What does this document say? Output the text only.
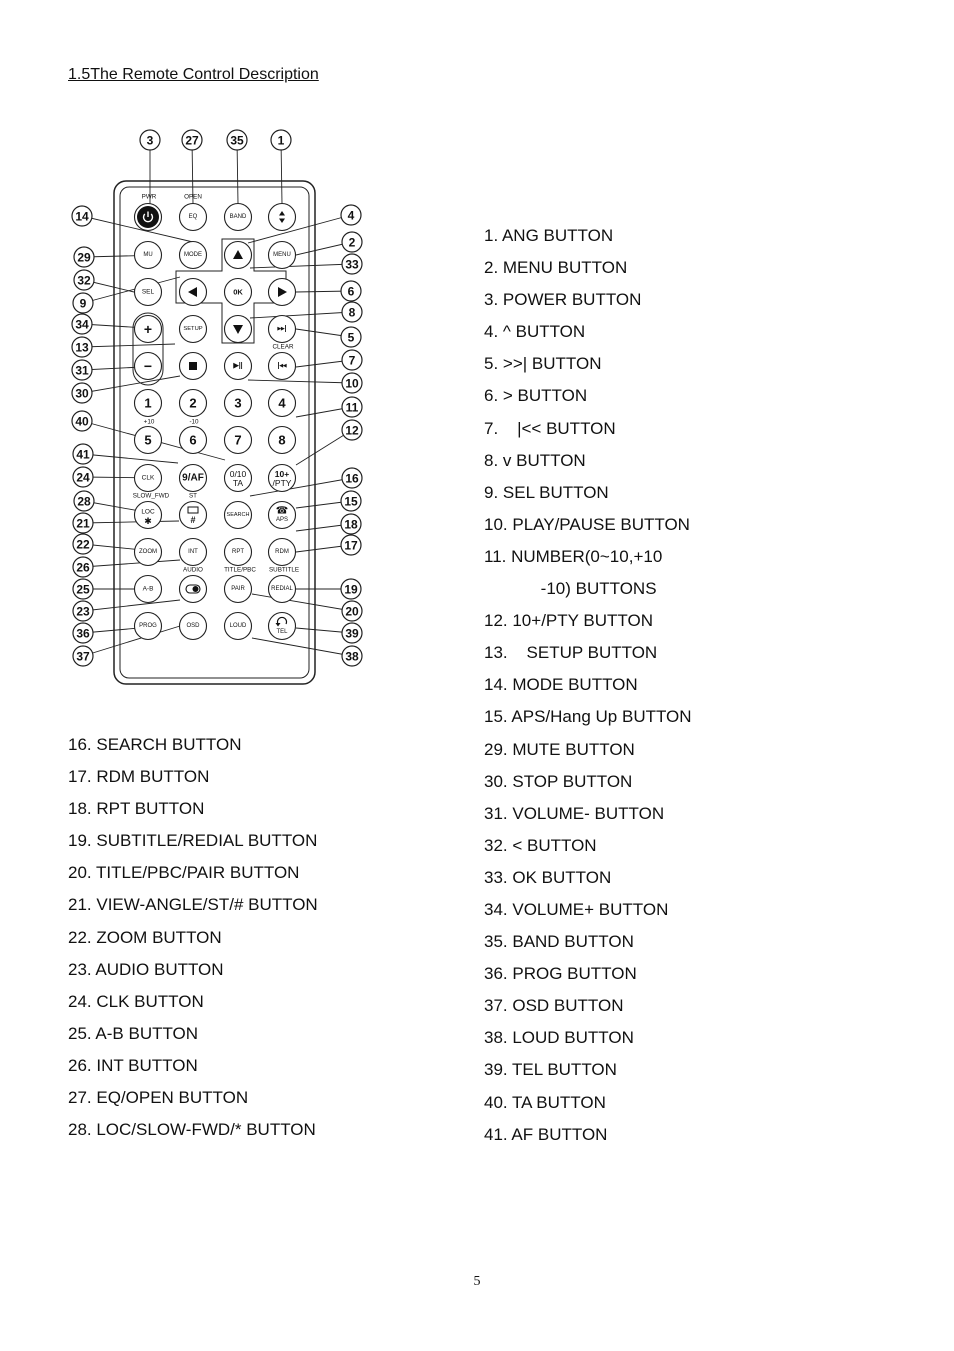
1.5The Remote Control Description
EQ	BAND
MU	MODE	MENU
SEL	0K
+	SETUP	▸▸|
−	▶||	|◂◂
1	2	3	4
5	6	7	8
CLK	9/AF	0/10
TA
10+
/PTY
LOC
✱	#	SEARCH	☎
APS
ZOOM	INT	RPT	RDM
A-B	PAIR	REDIAL
PROG	OSD	LOUD
TEL
PWR	OPEN
CLEAR
SLOW_FWD	ST
AUDIO	TITLE/PBC SUBTITLE
+10	-10
3	27	35	1
14	4
2
29	33
32
6
9
8
34
5
13
7
31
10
30
11
40
12
41
24	16
28	15
21	18
22	17
26
25	19
23	20
36	39
37	38
1. ANG BUTTON
2. MENU BUTTON
3. POWER BUTTON
4. ^ BUTTON
5. >>| BUTTON
6. > BUTTON
7.    |<< BUTTON
8. v BUTTON
9. SEL BUTTON
10. PLAY/PAUSE BUTTON
11. NUMBER(0~10,+10
-10) BUTTONS
12. 10+/PTY BUTTON
13.    SETUP BUTTON
14. MODE BUTTON
15. APS/Hang Up BUTTON
29. MUTE BUTTON
30. STOP BUTTON
31. VOLUME- BUTTON
32. < BUTTON
33. OK BUTTON
34. VOLUME+ BUTTON
35. BAND BUTTON
36. PROG BUTTON
37. OSD BUTTON
38. LOUD BUTTON
39. TEL BUTTON
40. TA BUTTON
41. AF BUTTON
16. SEARCH BUTTON
17. RDM BUTTON
18. RPT BUTTON
19. SUBTITLE/REDIAL BUTTON
20. TITLE/PBC/PAIR BUTTON
21. VIEW-ANGLE/ST/# BUTTON
22. ZOOM BUTTON
23. AUDIO BUTTON
24. CLK BUTTON
25. A-B BUTTON
26. INT BUTTON
27. EQ/OPEN BUTTON
28. LOC/SLOW-FWD/* BUTTON
5
